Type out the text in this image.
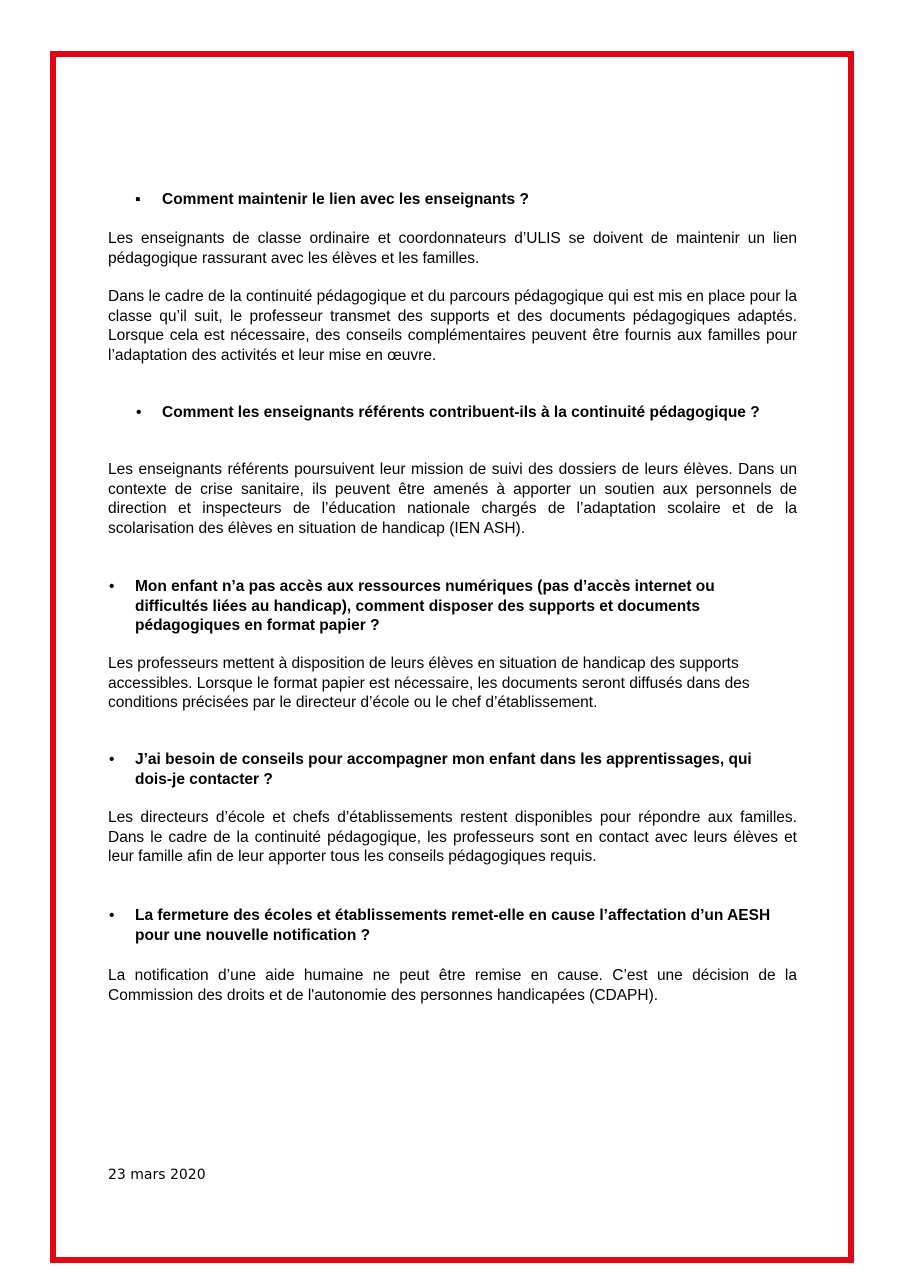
▪ Comment maintenir le lien avec les enseignants ?
Les enseignants de classe ordinaire et coordonnateurs d’ULIS se doivent de maintenir un lien pédagogique rassurant avec les élèves et les familles.
Dans le cadre de la continuité pédagogique et du parcours pédagogique qui est mis en place pour la classe qu’il suit, le professeur transmet des supports et des documents pédagogiques adaptés. Lorsque cela est nécessaire, des conseils complémentaires peuvent être fournis aux familles pour l’adaptation des activités et leur mise en œuvre.
• Comment les enseignants référents contribuent-ils à la continuité pédagogique ?
Les enseignants référents poursuivent leur mission de suivi des dossiers de leurs élèves. Dans un contexte de crise sanitaire, ils peuvent être amenés à apporter un soutien aux personnels de direction et inspecteurs de l’éducation nationale chargés de l’adaptation scolaire et de la scolarisation des élèves en situation de handicap (IEN ASH).
• Mon enfant n’a pas accès aux ressources numériques (pas d’accès internet ou difficultés liées au handicap), comment disposer des supports et documents pédagogiques en format papier ?
Les professeurs mettent à disposition de leurs élèves en situation de handicap des supports accessibles. Lorsque le format papier est nécessaire, les documents seront diffusés dans des conditions précisées par le directeur d’école ou le chef d’établissement.
• J’ai besoin de conseils pour accompagner mon enfant dans les apprentissages, qui dois-je contacter ?
Les directeurs d’école et chefs d’établissements restent disponibles pour répondre aux familles. Dans le cadre de la continuité pédagogique, les professeurs sont en contact avec leurs élèves et leur famille afin de leur apporter tous les conseils pédagogiques requis.
• La fermeture des écoles et établissements remet-elle en cause l’affectation d’un AESH pour une nouvelle notification ?
La notification d’une aide humaine ne peut être remise en cause. C’est une décision de la Commission des droits et de l'autonomie des personnes handicapées (CDAPH).
23 mars 2020
